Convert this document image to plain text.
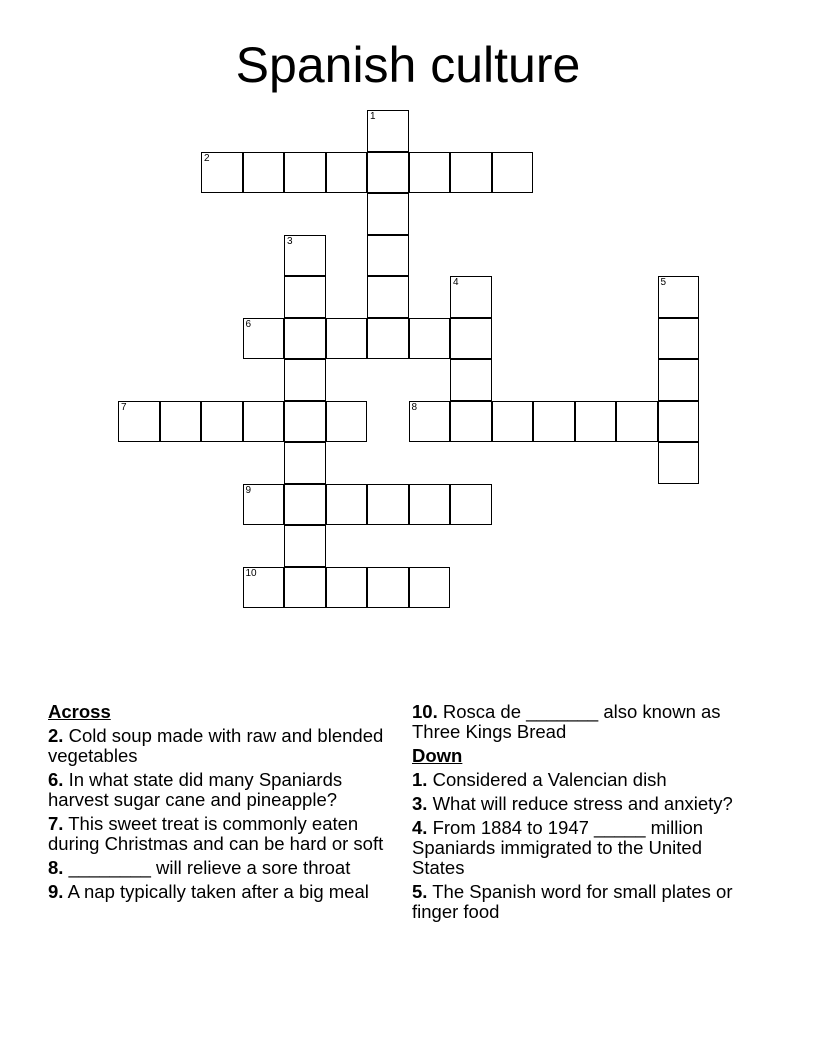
Spanish culture
1
2
3
4	5
6
7	8
9
10
Across
2. Cold soup made with raw and blended vegetables
6. In what state did many Spaniards harvest sugar cane and pineapple?
7. This sweet treat is commonly eaten during Christmas and can be hard or soft
8. ________ will relieve a sore throat
9. A nap typically taken after a big meal
10. Rosca de _______ also known as Three Kings Bread
Down
1. Considered a Valencian dish
3. What will reduce stress and anxiety?
4. From 1884 to 1947 _____ million Spaniards immigrated to the United States
5. The Spanish word for small plates or finger food
